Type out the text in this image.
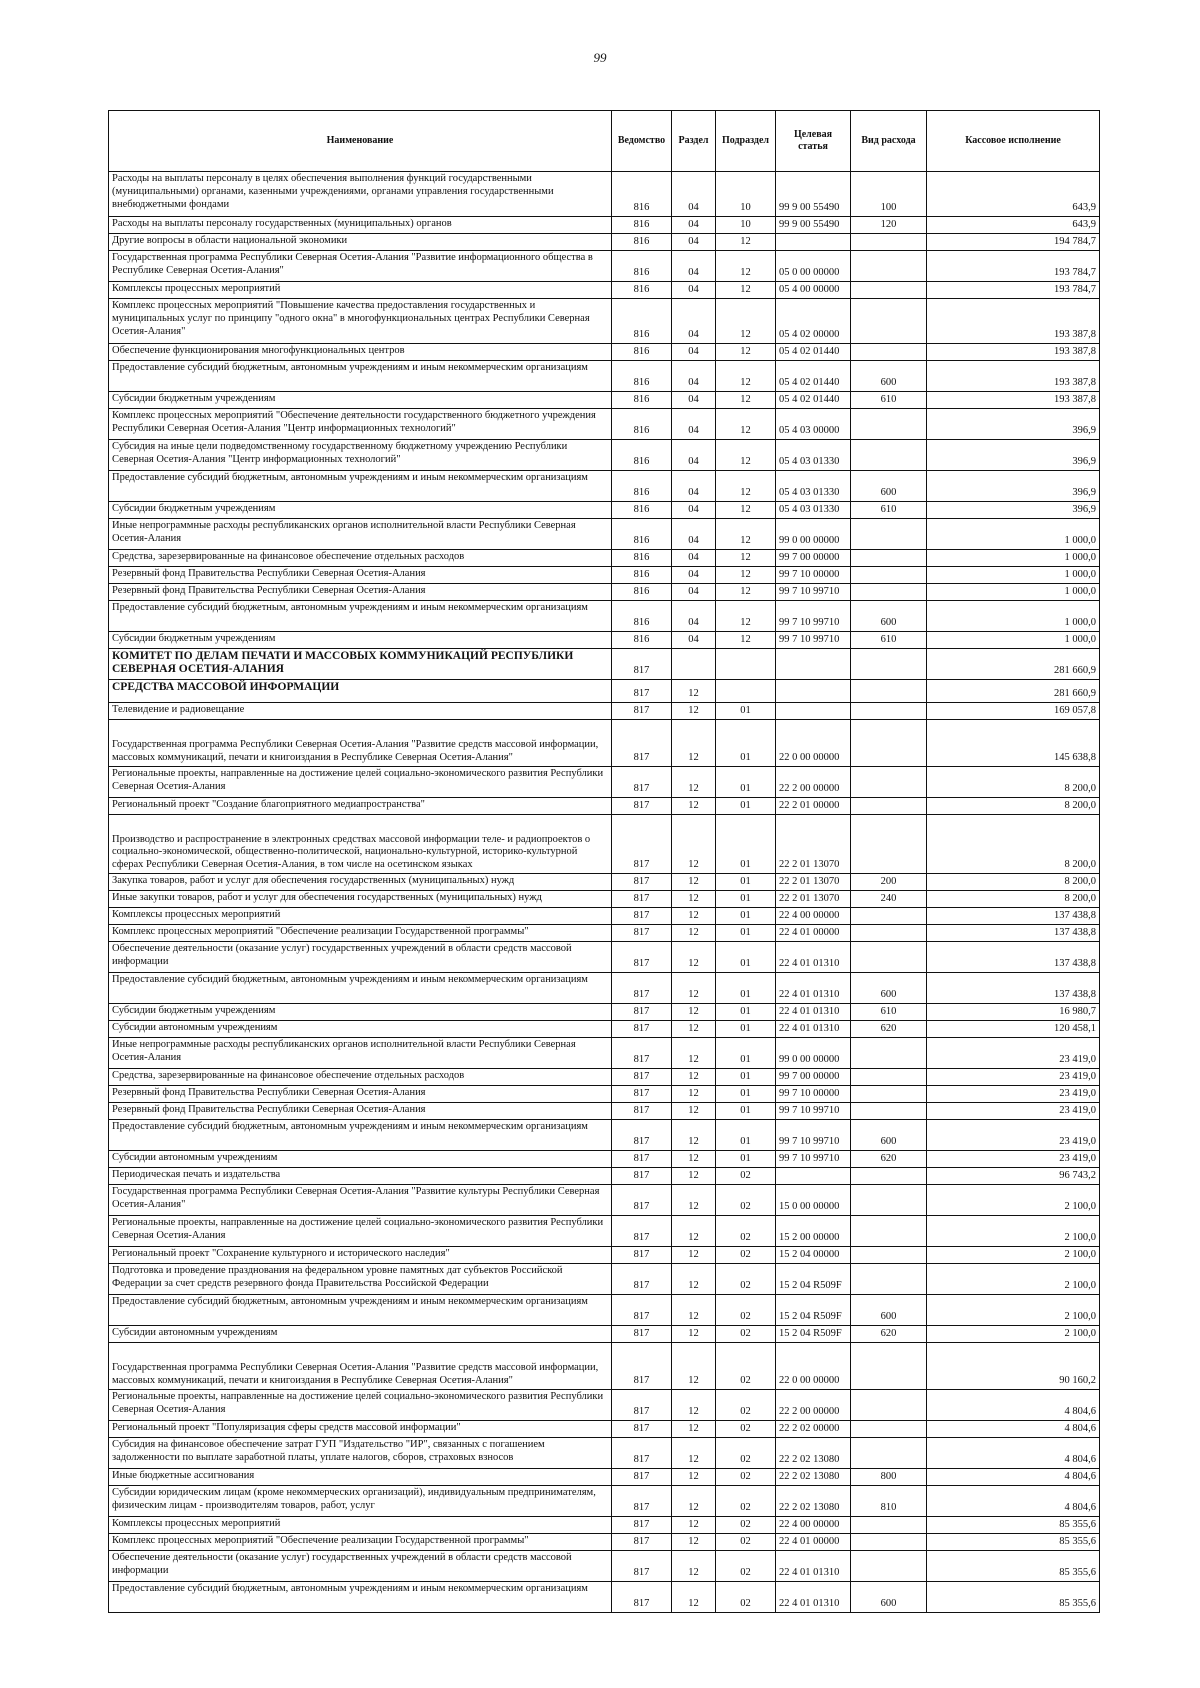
99
Наименование	Ведомство	Раздел	Подраздел	Целевая статья	Вид расхода	Кассовое исполнение
Расходы на выплаты персоналу в целях обеспечения выполнения функций государственными (муниципальными) органами, казенными учреждениями, органами управления государственными внебюджетными фондами	816	04	10	99 9 00 55490	100	643,9
Расходы на выплаты персоналу государственных (муниципальных) органов	816	04	10	99 9 00 55490	120	643,9
Другие вопросы в области национальной экономики	816	04	12			194 784,7
Государственная программа Республики Северная Осетия-Алания "Развитие информационного общества в Республике Северная Осетия-Алания"	816	04	12	05 0 00 00000		193 784,7
Комплексы процессных мероприятий	816	04	12	05 4 00 00000		193 784,7
Комплекс процессных мероприятий "Повышение качества предоставления государственных и муниципальных услуг по принципу "одного окна" в многофункциональных центрах Республики Северная Осетия-Алания"	816	04	12	05 4 02 00000		193 387,8
Обеспечение функционирования многофункциональных центров	816	04	12	05 4 02 01440		193 387,8
Предоставление субсидий бюджетным, автономным учреждениям и иным некоммерческим организациям	816	04	12	05 4 02 01440	600	193 387,8
Субсидии бюджетным учреждениям	816	04	12	05 4 02 01440	610	193 387,8
Комплекс процессных мероприятий "Обеспечение деятельности государственного бюджетного учреждения Республики Северная Осетия-Алания "Центр информационных технологий"	816	04	12	05 4 03 00000		396,9
Субсидия на иные цели подведомственному государственному бюджетному учреждению Республики Северная Осетия-Алания "Центр информационных технологий"	816	04	12	05 4 03 01330		396,9
Предоставление субсидий бюджетным, автономным учреждениям и иным некоммерческим организациям	816	04	12	05 4 03 01330	600	396,9
Субсидии бюджетным учреждениям	816	04	12	05 4 03 01330	610	396,9
Иные непрограммные расходы республиканских органов исполнительной власти Республики Северная Осетия-Алания	816	04	12	99 0 00 00000		1 000,0
Средства, зарезервированные на финансовое обеспечение отдельных расходов	816	04	12	99 7 00 00000		1 000,0
Резервный фонд Правительства Республики Северная Осетия-Алания	816	04	12	99 7 10 00000		1 000,0
Резервный фонд Правительства Республики Северная Осетия-Алания	816	04	12	99 7 10 99710		1 000,0
Предоставление субсидий бюджетным, автономным учреждениям и иным некоммерческим организациям	816	04	12	99 7 10 99710	600	1 000,0
Субсидии бюджетным учреждениям	816	04	12	99 7 10 99710	610	1 000,0
КОМИТЕТ ПО ДЕЛАМ ПЕЧАТИ И МАССОВЫХ КОММУНИКАЦИЙ РЕСПУБЛИКИ СЕВЕРНАЯ ОСЕТИЯ-АЛАНИЯ	817					281 660,9
СРЕДСТВА МАССОВОЙ ИНФОРМАЦИИ	817	12				281 660,9
Телевидение и радиовещание	817	12	01			169 057,8
Государственная программа Республики Северная Осетия-Алания "Развитие средств массовой информации, массовых коммуникаций, печати и книгоиздания в Республике Северная Осетия-Алания"	817	12	01	22 0 00 00000		145 638,8
Региональные проекты, направленные на достижение целей социально-экономического развития Республики Северная Осетия-Алания	817	12	01	22 2 00 00000		8 200,0
Региональный проект "Создание благоприятного медиапространства"	817	12	01	22 2 01 00000		8 200,0
Производство и распространение в электронных средствах массовой информации теле- и радиопроектов о социально-экономической, общественно-политической, национально-культурной, историко-культурной сферах Республики Северная Осетия-Алания, в том числе на осетинском языках	817	12	01	22 2 01 13070		8 200,0
Закупка товаров, работ и услуг для обеспечения государственных (муниципальных) нужд	817	12	01	22 2 01 13070	200	8 200,0
Иные закупки товаров, работ и услуг для обеспечения государственных (муниципальных) нужд	817	12	01	22 2 01 13070	240	8 200,0
Комплексы процессных мероприятий	817	12	01	22 4 00 00000		137 438,8
Комплекс процессных мероприятий "Обеспечение реализации Государственной программы"	817	12	01	22 4 01 00000		137 438,8
Обеспечение деятельности (оказание услуг) государственных учреждений в области средств массовой информации	817	12	01	22 4 01 01310		137 438,8
Предоставление субсидий бюджетным, автономным учреждениям и иным некоммерческим организациям	817	12	01	22 4 01 01310	600	137 438,8
Субсидии бюджетным учреждениям	817	12	01	22 4 01 01310	610	16 980,7
Субсидии автономным учреждениям	817	12	01	22 4 01 01310	620	120 458,1
Иные непрограммные расходы республиканских органов исполнительной власти Республики Северная Осетия-Алания	817	12	01	99 0 00 00000		23 419,0
Средства, зарезервированные на финансовое обеспечение отдельных расходов	817	12	01	99 7 00 00000		23 419,0
Резервный фонд Правительства Республики Северная Осетия-Алания	817	12	01	99 7 10 00000		23 419,0
Резервный фонд Правительства Республики Северная Осетия-Алания	817	12	01	99 7 10 99710		23 419,0
Предоставление субсидий бюджетным, автономным учреждениям и иным некоммерческим организациям	817	12	01	99 7 10 99710	600	23 419,0
Субсидии автономным учреждениям	817	12	01	99 7 10 99710	620	23 419,0
Периодическая печать и издательства	817	12	02			96 743,2
Государственная программа Республики Северная Осетия-Алания "Развитие культуры Республики Северная Осетия-Алания"	817	12	02	15 0 00 00000		2 100,0
Региональные проекты, направленные на достижение целей социально-экономического развития Республики Северная Осетия-Алания	817	12	02	15 2 00 00000		2 100,0
Региональный проект "Сохранение культурного и исторического наследия"	817	12	02	15 2 04 00000		2 100,0
Подготовка и проведение празднования на федеральном уровне памятных дат субъектов Российской Федерации за счет средств резервного фонда Правительства Российской Федерации	817	12	02	15 2 04 R509F		2 100,0
Предоставление субсидий бюджетным, автономным учреждениям и иным некоммерческим организациям	817	12	02	15 2 04 R509F	600	2 100,0
Субсидии автономным учреждениям	817	12	02	15 2 04 R509F	620	2 100,0
Государственная программа Республики Северная Осетия-Алания "Развитие средств массовой информации, массовых коммуникаций, печати и книгоиздания в Республике Северная Осетия-Алания"	817	12	02	22 0 00 00000		90 160,2
Региональные проекты, направленные на достижение целей социально-экономического развития Республики Северная Осетия-Алания	817	12	02	22 2 00 00000		4 804,6
Региональный проект "Популяризация сферы средств массовой информации"	817	12	02	22 2 02 00000		4 804,6
Субсидия на финансовое обеспечение затрат ГУП "Издательство "ИР", связанных с погашением задолженности по выплате заработной платы, уплате налогов, сборов, страховых взносов	817	12	02	22 2 02 13080		4 804,6
Иные бюджетные ассигнования	817	12	02	22 2 02 13080	800	4 804,6
Субсидии юридическим лицам (кроме некоммерческих организаций), индивидуальным предпринимателям, физическим лицам - производителям товаров, работ, услуг	817	12	02	22 2 02 13080	810	4 804,6
Комплексы процессных мероприятий	817	12	02	22 4 00 00000		85 355,6
Комплекс процессных мероприятий "Обеспечение реализации Государственной программы"	817	12	02	22 4 01 00000		85 355,6
Обеспечение деятельности (оказание услуг) государственных учреждений в области средств массовой информации	817	12	02	22 4 01 01310		85 355,6
Предоставление субсидий бюджетным, автономным учреждениям и иным некоммерческим организациям	817	12	02	22 4 01 01310	600	85 355,6
